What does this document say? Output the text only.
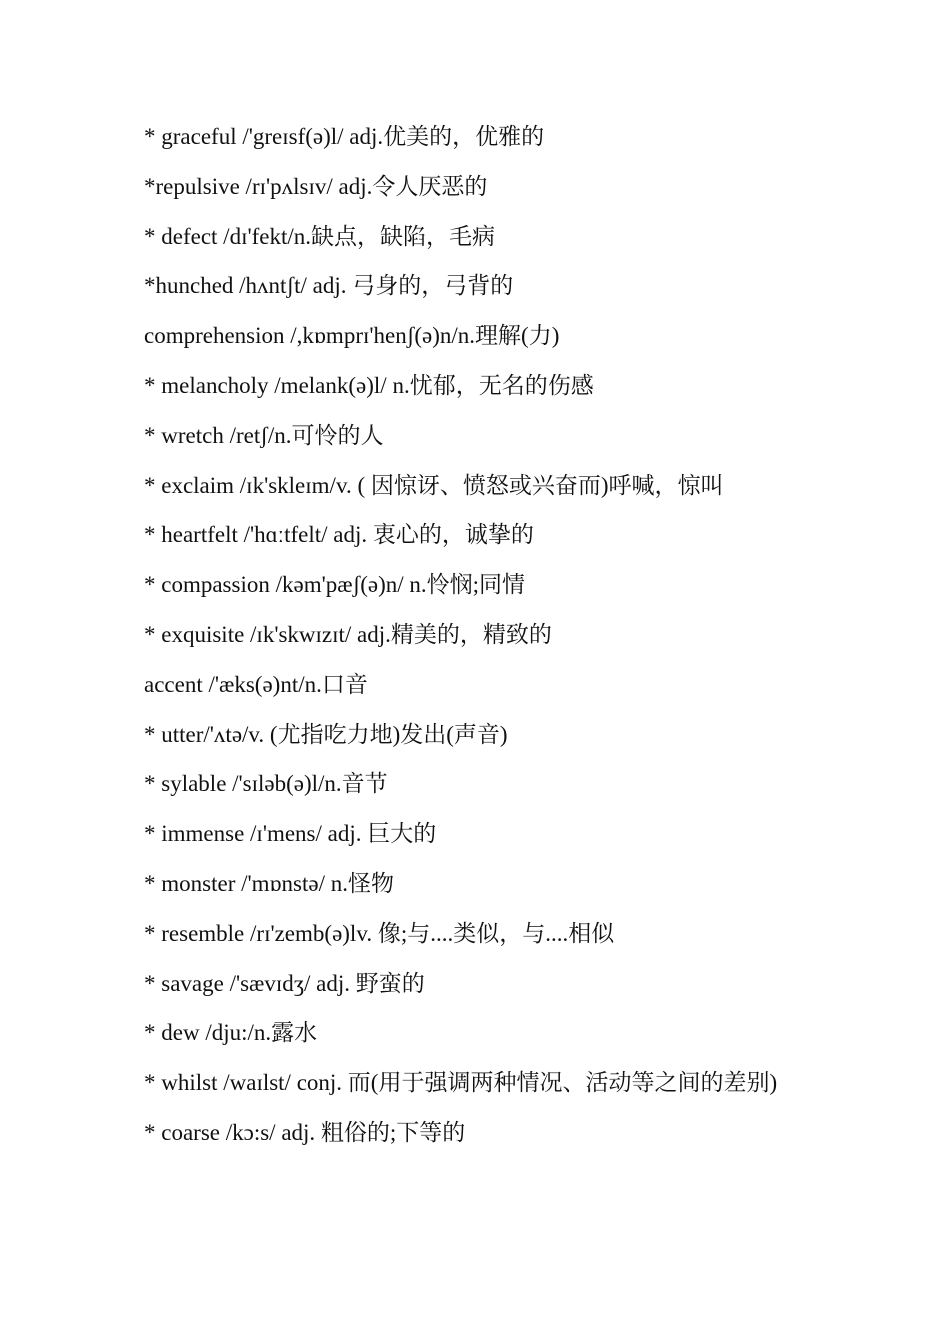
* graceful /'greɪsf(ə)l/ adj.优美的，优雅的
*repulsive /rɪ'pʌlsɪv/ adj.令人厌恶的
* defect /dɪ'fekt/n.缺点，缺陷，毛病
*hunched /hʌntʃt/ adj. 弓身的，弓背的
comprehension /,kɒmprɪ'henʃ(ə)n/n.理解(力)
* melancholy /melank(ə)l/ n.忧郁，无名的伤感
* wretch /retʃ/n.可怜的人
* exclaim /ɪk'skleɪm/v. ( 因惊讶、愤怒或兴奋而)呼喊，惊叫
* heartfelt /'hɑːtfelt/ adj. 衷心的，诚挚的
* compassion /kəm'pæʃ(ə)n/ n.怜悯;同情
* exquisite /ɪk'skwɪzɪt/ adj.精美的，精致的
accent /'æks(ə)nt/n.口音
* utter/'ʌtə/v. (尤指吃力地)发出(声音)
* sylable /'sɪləb(ə)l/n.音节
* immense /ɪ'mens/ adj. 巨大的
* monster /'mɒnstə/ n.怪物
* resemble /rɪ'zemb(ə)lv. 像;与....类似，与....相似
* savage /'sævɪdʒ/ adj. 野蛮的
* dew /dju:/n.露水
* whilst /waɪlst/ conj. 而(用于强调两种情况、活动等之间的差别)
* coarse /kɔ:s/ adj. 粗俗的;下等的
